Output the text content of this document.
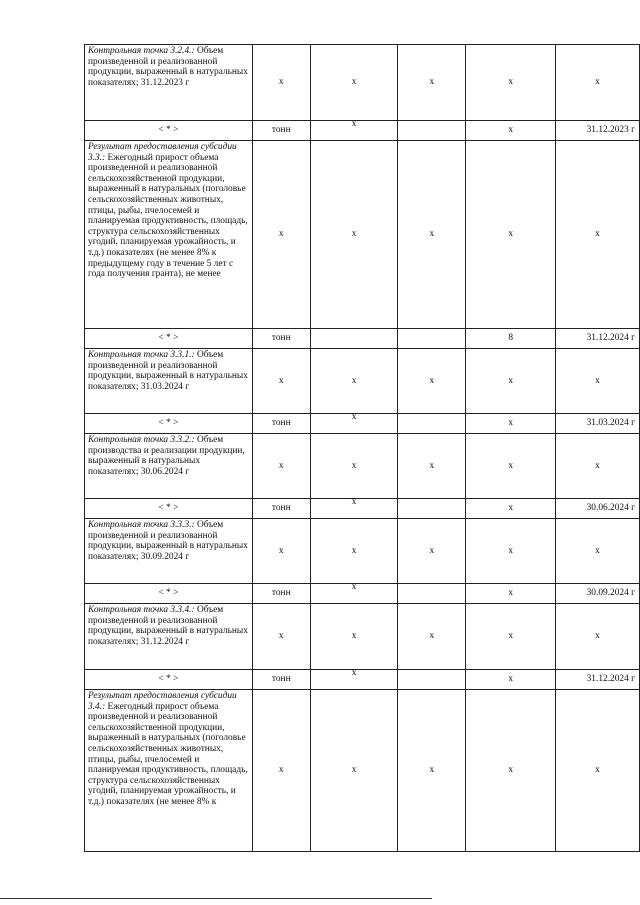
Контрольная точка 3.2.4.: Объем произведенной и реализованной продукции, выраженный в натуральных показателях; 31.12.2023 г	х	х	х	х	х
< * >	тонн	х		х	31.12.2023 г

Результат предоставления субсидии 3.3.: Ежегодный прирост объема произведенной и реализованной сельскохозяйственной продукции, выраженный в натуральных (поголовье сельскохозяйственных животных, птицы, рыбы, пчелосемей и планируемая продуктивность, площадь, структура сельскохозяйственных угодий, планируемая урожайность, и т.д.) показателях (не менее 8% к предыдущему году в течение 5 лет с года получения гранта), не менее	х	х	х	х	х
< * >	тонн			8	31.12.2024 г

Контрольная точка 3.3.1.: Объем произведенной и реализованной продукции, выраженный в натуральных показателях; 31.03.2024 г	х	х	х	х	х
< * >	тонн	х		х	31.03.2024 г

Контрольная точка 3.3.2.: Объем производства и реализации продукции, выраженный в натуральных показателях; 30.06.2024 г	х	х	х	х	х
< * >	тонн	х		х	30.06.2024 г

Контрольная точка 3.3.3.: Объем произведенной и реализованной продукции, выраженный в натуральных показателях; 30.09.2024 г	х	х	х	х	х
< * >	тонн	х		х	30.09.2024 г

Контрольная точка 3.3.4.: Объем произведенной и реализованной продукции, выраженный в натуральных показателях; 31.12.2024 г	х	х	х	х	х
< * >	тонн	х		х	31.12.2024 г

Результат предоставления субсидии 3.4.: Ежегодный прирост объема произведенной и реализованной сельскохозяйственной продукции, выраженный в натуральных (поголовье сельскохозяйственных животных, птицы, рыбы, пчелосемей и планируемая продуктивность, площадь, структура сельскохозяйственных угодий, планируемая урожайность, и т.д.) показателях (не менее 8% к	х	х	х	х	х
